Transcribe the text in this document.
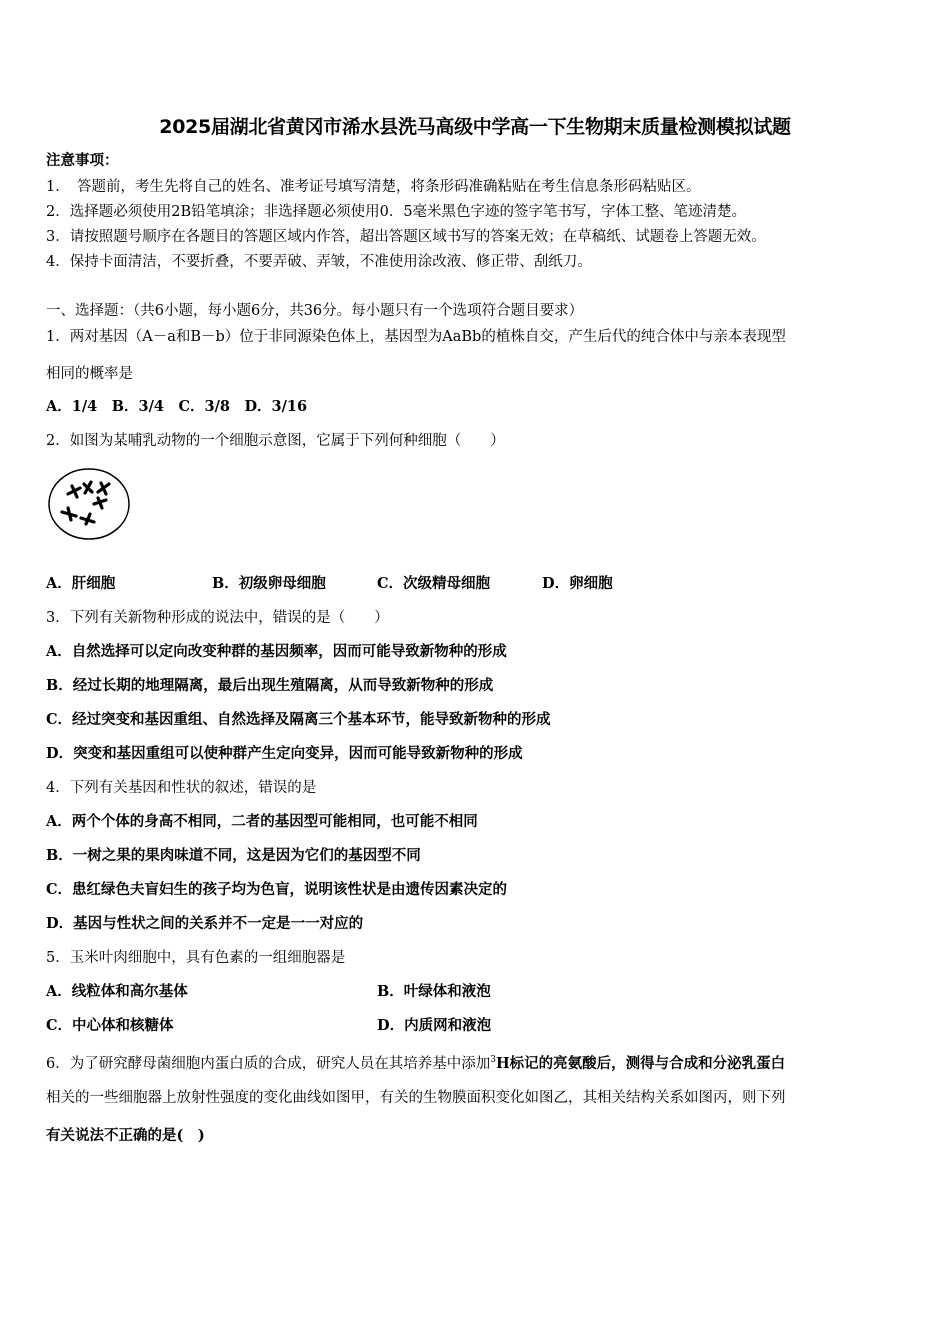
2025届湖北省黄冈市浠水县洗马高级中学高一下生物期末质量检测模拟试题
注意事项：
1．　答题前，考生先将自己的姓名、准考证号填写清楚，将条形码准确粘贴在考生信息条形码粘贴区。
2．选择题必须使用2B铅笔填涂；非选择题必须使用0．5毫米黑色字迹的签字笔书写，字体工整、笔迹清楚。
3．请按照题号顺序在各题目的答题区域内作答，超出答题区域书写的答案无效；在草稿纸、试题卷上答题无效。
4．保持卡面清洁，不要折叠，不要弄破、弄皱，不准使用涂改液、修正带、刮纸刀。
一、选择题：（共6小题，每小题6分，共36分。每小题只有一个选项符合题目要求）
1．两对基因（A－a和B－b）位于非同源染色体上，基因型为AaBb的植株自交，产生后代的纯合体中与亲本表现型
相同的概率是
A．1/4　B．3/4　C．3/8　D．3/16
2．如图为某哺乳动物的一个细胞示意图，它属于下列何种细胞（　　）
A．肝细胞	B．初级卵母细胞	C．次级精母细胞	D．卵细胞
3．下列有关新物种形成的说法中，错误的是（　　）
A．自然选择可以定向改变种群的基因频率，因而可能导致新物种的形成
B．经过长期的地理隔离，最后出现生殖隔离，从而导致新物种的形成
C．经过突变和基因重组、自然选择及隔离三个基本环节，能导致新物种的形成
D．突变和基因重组可以使种群产生定向变异，因而可能导致新物种的形成
4．下列有关基因和性状的叙述，错误的是
A．两个个体的身高不相同，二者的基因型可能相同，也可能不相同
B．一树之果的果肉味道不同，这是因为它们的基因型不同
C．患红绿色夫盲妇生的孩子均为色盲，说明该性状是由遗传因素决定的
D．基因与性状之间的关系并不一定是一一对应的
5．玉米叶肉细胞中，具有色素的一组细胞器是
A．线粒体和高尔基体	B．叶绿体和液泡
C．中心体和核糖体	D．内质网和液泡
6．为了研究酵母菌细胞内蛋白质的合成，研究人员在其培养基中添加$^3$H标记的亮氨酸后，测得与合成和分泌乳蛋白
相关的一些细胞器上放射性强度的变化曲线如图甲，有关的生物膜面积变化如图乙，其相关结构关系如图丙，则下列
有关说法不正确的是(　)
